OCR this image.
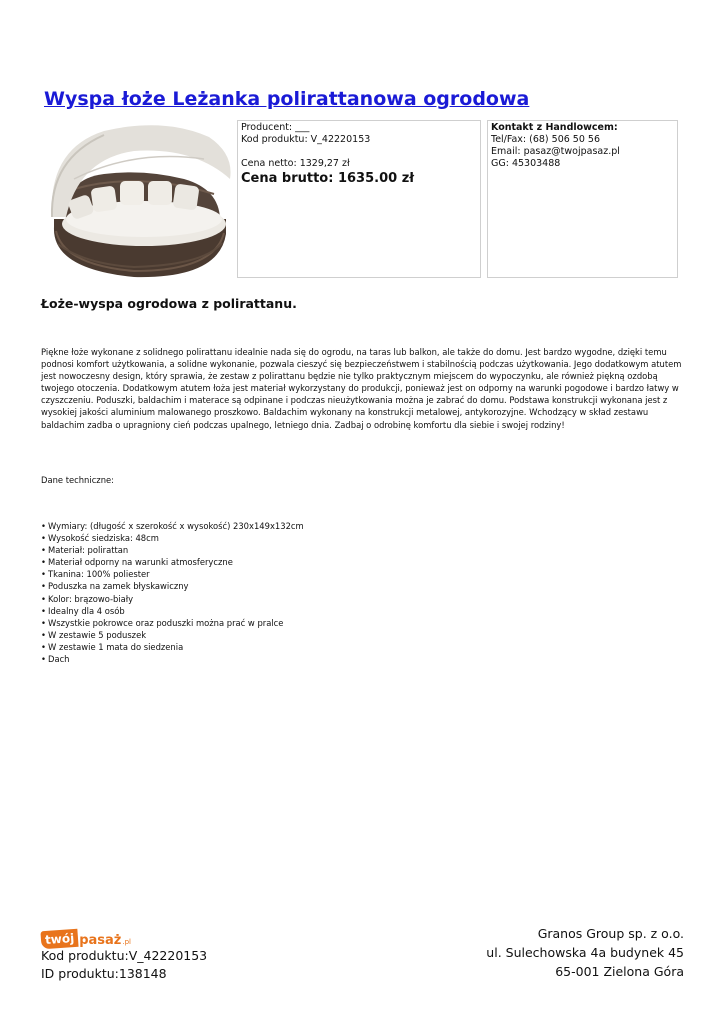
Wyspa łoże Leżanka polirattanowa ogrodowa
Producent: ___
Kod produktu: V_42220153
Cena netto: 1329,27 zł
Cena brutto: 1635.00 zł
Kontakt z Handlowcem:
Tel/Fax: (68) 506 50 56
Email: pasaz@twojpasaz.pl
GG: 45303488
Łoże-wyspa ogrodowa z polirattanu.

Piękne łoże wykonane z solidnego polirattanu idealnie nada się do ogrodu, na taras lub balkon, ale także do domu. Jest bardzo wygodne, dzięki temu podnosi komfort użytkowania, a solidne wykonanie, pozwala cieszyć się bezpieczeństwem i stabilnością podczas użytkowania. Jego dodatkowym atutem jest nowoczesny design, który sprawia, że zestaw z polirattanu będzie nie tylko praktycznym miejscem do wypoczynku, ale również piękną ozdobą twojego otoczenia. Dodatkowym atutem łoża jest materiał wykorzystany do produkcji, ponieważ jest on odporny na warunki pogodowe i bardzo łatwy w czyszczeniu. Poduszki, baldachim i materace są odpinane i podczas nieużytkowania można je zabrać do domu. Podstawa konstrukcji wykonana jest z wysokiej jakości aluminium malowanego proszkowo. Baldachim wykonany na konstrukcji metalowej, antykorozyjne. Wchodzący w skład zestawu baldachim zadba o upragniony cień podczas upalnego, letniego dnia. Zadbaj o odrobinę komfortu dla siebie i swojej rodziny!

Dane techniczne:

• Wymiary: (długość x szerokość x wysokość) 230x149x132cm
• Wysokość siedziska: 48cm
• Materiał: polirattan
• Materiał odporny na warunki atmosferyczne
• Tkanina: 100% poliester
• Poduszka na zamek błyskawiczny
• Kolor: brązowo-biały
• Idealny dla 4 osób
• Wszystkie pokrowce oraz poduszki można prać w pralce
• W zestawie 5 poduszek
• W zestawie 1 mata do siedzenia
• Dach
twój pasaż .pl
Kod produktu:V_42220153
ID produktu:138148
Granos Group sp. z o.o.
ul. Sulechowska 4a budynek 45
65-001 Zielona Góra
